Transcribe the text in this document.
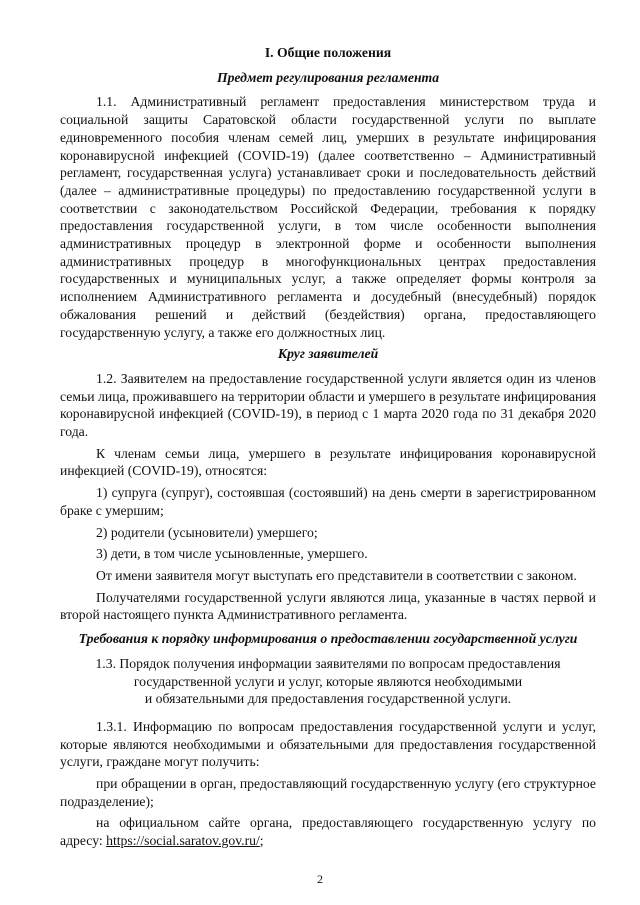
I. Общие положения
Предмет регулирования регламента
1.1. Административный регламент предоставления министерством труда и социальной защиты Саратовской области государственной услуги по выплате единовременного пособия членам семей лиц, умерших в результате инфицирования коронавирусной инфекцией (COVID-19) (далее соответственно – Административный регламент, государственная услуга) устанавливает сроки и последовательность действий (далее – административные процедуры) по предоставлению государственной услуги в соответствии с законодательством Российской Федерации, требования к порядку предоставления государственной услуги, в том числе особенности выполнения административных процедур в электронной форме и особенности выполнения административных процедур в многофункциональных центрах предоставления государственных и муниципальных услуг, а также определяет формы контроля за исполнением Административного регламента и досудебный (внесудебный) порядок обжалования решений и действий (бездействия) органа, предоставляющего государственную услугу, а также его должностных лиц.
Круг заявителей
1.2. Заявителем на предоставление государственной услуги является один из членов семьи лица, проживавшего на территории области и умершего в результате инфицирования коронавирусной инфекцией (COVID-19), в период с 1 марта 2020 года по 31 декабря 2020 года.
К членам семьи лица, умершего в результате инфицирования коронавирусной инфекцией (COVID-19), относятся:
1) супруга (супруг), состоявшая (состоявший) на день смерти в зарегистрированном браке с умершим;
2) родители (усыновители) умершего;
3) дети, в том числе усыновленные, умершего.
От имени заявителя могут выступать его представители в соответствии с законом.
Получателями государственной услуги являются лица, указанные в частях первой и второй настоящего пункта Административного регламента.
Требования к порядку информирования о предоставлении государственной услуги
1.3. Порядок получения информации заявителями по вопросам предоставления
государственной услуги и услуг, которые являются необходимыми
и обязательными для предоставления государственной услуги.
1.3.1. Информацию по вопросам предоставления государственной услуги и услуг, которые являются необходимыми и обязательными для предоставления государственной услуги, граждане могут получить:
при обращении в орган, предоставляющий государственную услугу (его структурное подразделение);
на официальном сайте органа, предоставляющего государственную услугу по адресу: https://social.saratov.gov.ru/;
2
